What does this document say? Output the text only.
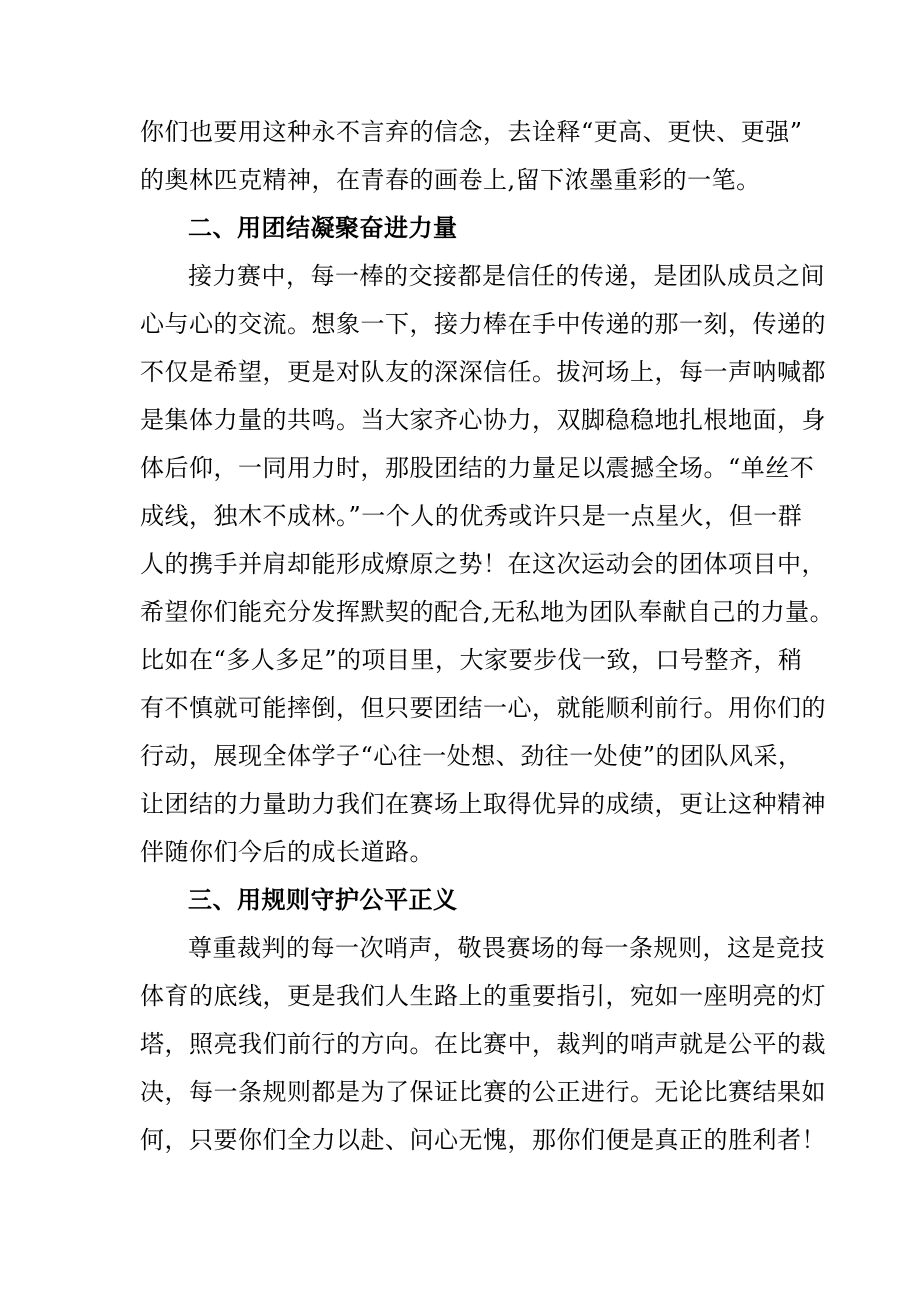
你们也要用这种永不言弃的信念，去诠释“更高、更快、更强”
的奥林匹克精神，在青春的画卷上,留下浓墨重彩的一笔。
二、用团结凝聚奋进力量
接力赛中，每一棒的交接都是信任的传递，是团队成员之间
心与心的交流。想象一下，接力棒在手中传递的那一刻，传递的
不仅是希望，更是对队友的深深信任。拔河场上，每一声呐喊都
是集体力量的共鸣。当大家齐心协力，双脚稳稳地扎根地面，身
体后仰，一同用力时，那股团结的力量足以震撼全场。“单丝不
成线，独木不成林。”一个人的优秀或许只是一点星火，但一群
人的携手并肩却能形成燎原之势！在这次运动会的团体项目中，
希望你们能充分发挥默契的配合,无私地为团队奉献自己的力量。
比如在“多人多足”的项目里，大家要步伐一致，口号整齐，稍
有不慎就可能摔倒，但只要团结一心，就能顺利前行。用你们的
行动，展现全体学子“心往一处想、劲往一处使”的团队风采，
让团结的力量助力我们在赛场上取得优异的成绩，更让这种精神
伴随你们今后的成长道路。
三、用规则守护公平正义
尊重裁判的每一次哨声，敬畏赛场的每一条规则，这是竞技
体育的底线，更是我们人生路上的重要指引，宛如一座明亮的灯
塔，照亮我们前行的方向。在比赛中，裁判的哨声就是公平的裁
决，每一条规则都是为了保证比赛的公正进行。无论比赛结果如
何，只要你们全力以赴、问心无愧，那你们便是真正的胜利者！
